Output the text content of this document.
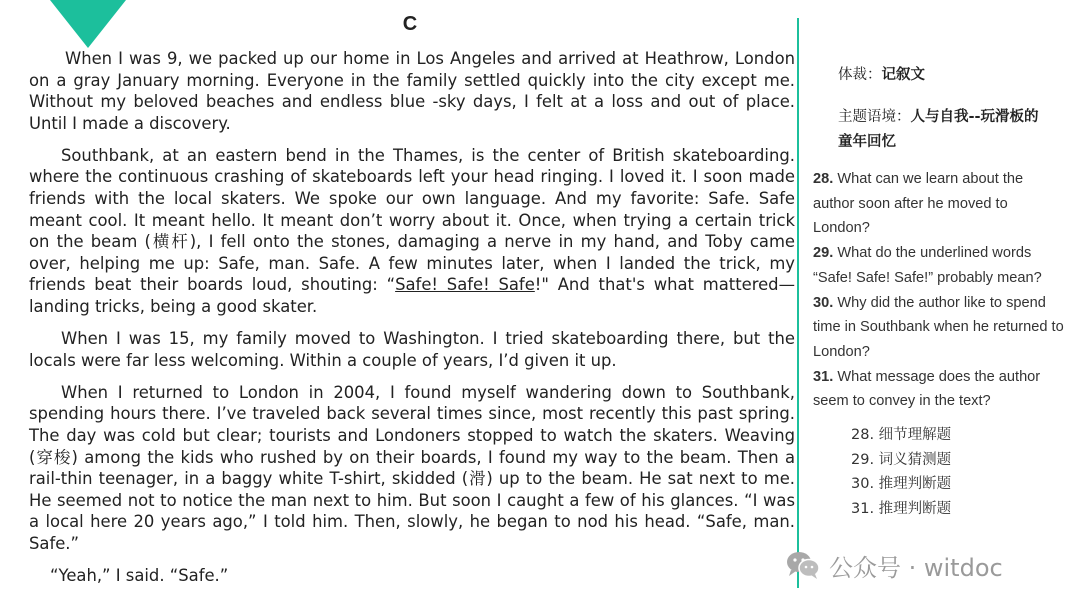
C

When I was 9, we packed up our home in Los Angeles and arrived at Heathrow, London on a gray January morning. Everyone in the family settled quickly into the city except me. Without my beloved beaches and endless blue -sky days, I felt at a loss and out of place. Until I made a discovery.

Southbank, at an eastern bend in the Thames, is the center of British skateboarding. where the continuous crashing of skateboards left your head ringing. I loved it. I soon made friends with the local skaters. We spoke our own language. And my favorite: Safe. Safe meant cool. It meant hello. It meant don’t worry about it. Once, when trying a certain trick on the beam (横杆), I fell onto the stones, damaging a nerve in my hand, and Toby came over, helping me up: Safe, man. Safe. A few minutes later, when I landed the trick, my friends beat their boards loud, shouting: “Safe! Safe! Safe!" And that's what mattered—landing tricks, being a good skater.

When I was 15, my family moved to Washington. I tried skateboarding there, but the locals were far less welcoming. Within a couple of years, I’d given it up.

When I returned to London in 2004, I found myself wandering down to Southbank, spending hours there. I’ve traveled back several times since, most recently this past spring. The day was cold but clear; tourists and Londoners stopped to watch the skaters. Weaving (穿梭) among the kids who rushed by on their boards, I found my way to the beam. Then a rail-thin teenager, in a baggy white T-shirt, skidded (滑) up to the beam. He sat next to me. He seemed not to notice the man next to him. But soon I caught a few of his glances. “I was a local here 20 years ago,” I told him. Then, slowly, he began to nod his head. “Safe, man. Safe.”

“Yeah,” I said. “Safe.”

体裁：记叙文
主题语境：人与自我--玩滑板的童年回忆

28. What can we learn about the author soon after he moved to London?

29. What do the underlined words “Safe! Safe! Safe!” probably mean?

30. Why did the author like to spend time in Southbank when he returned to London?

31. What message does the author seem to convey in the text?

28. 细节理解题
29. 词义猜测题
30. 推理判断题
31. 推理判断题
公众号 · witdoc
